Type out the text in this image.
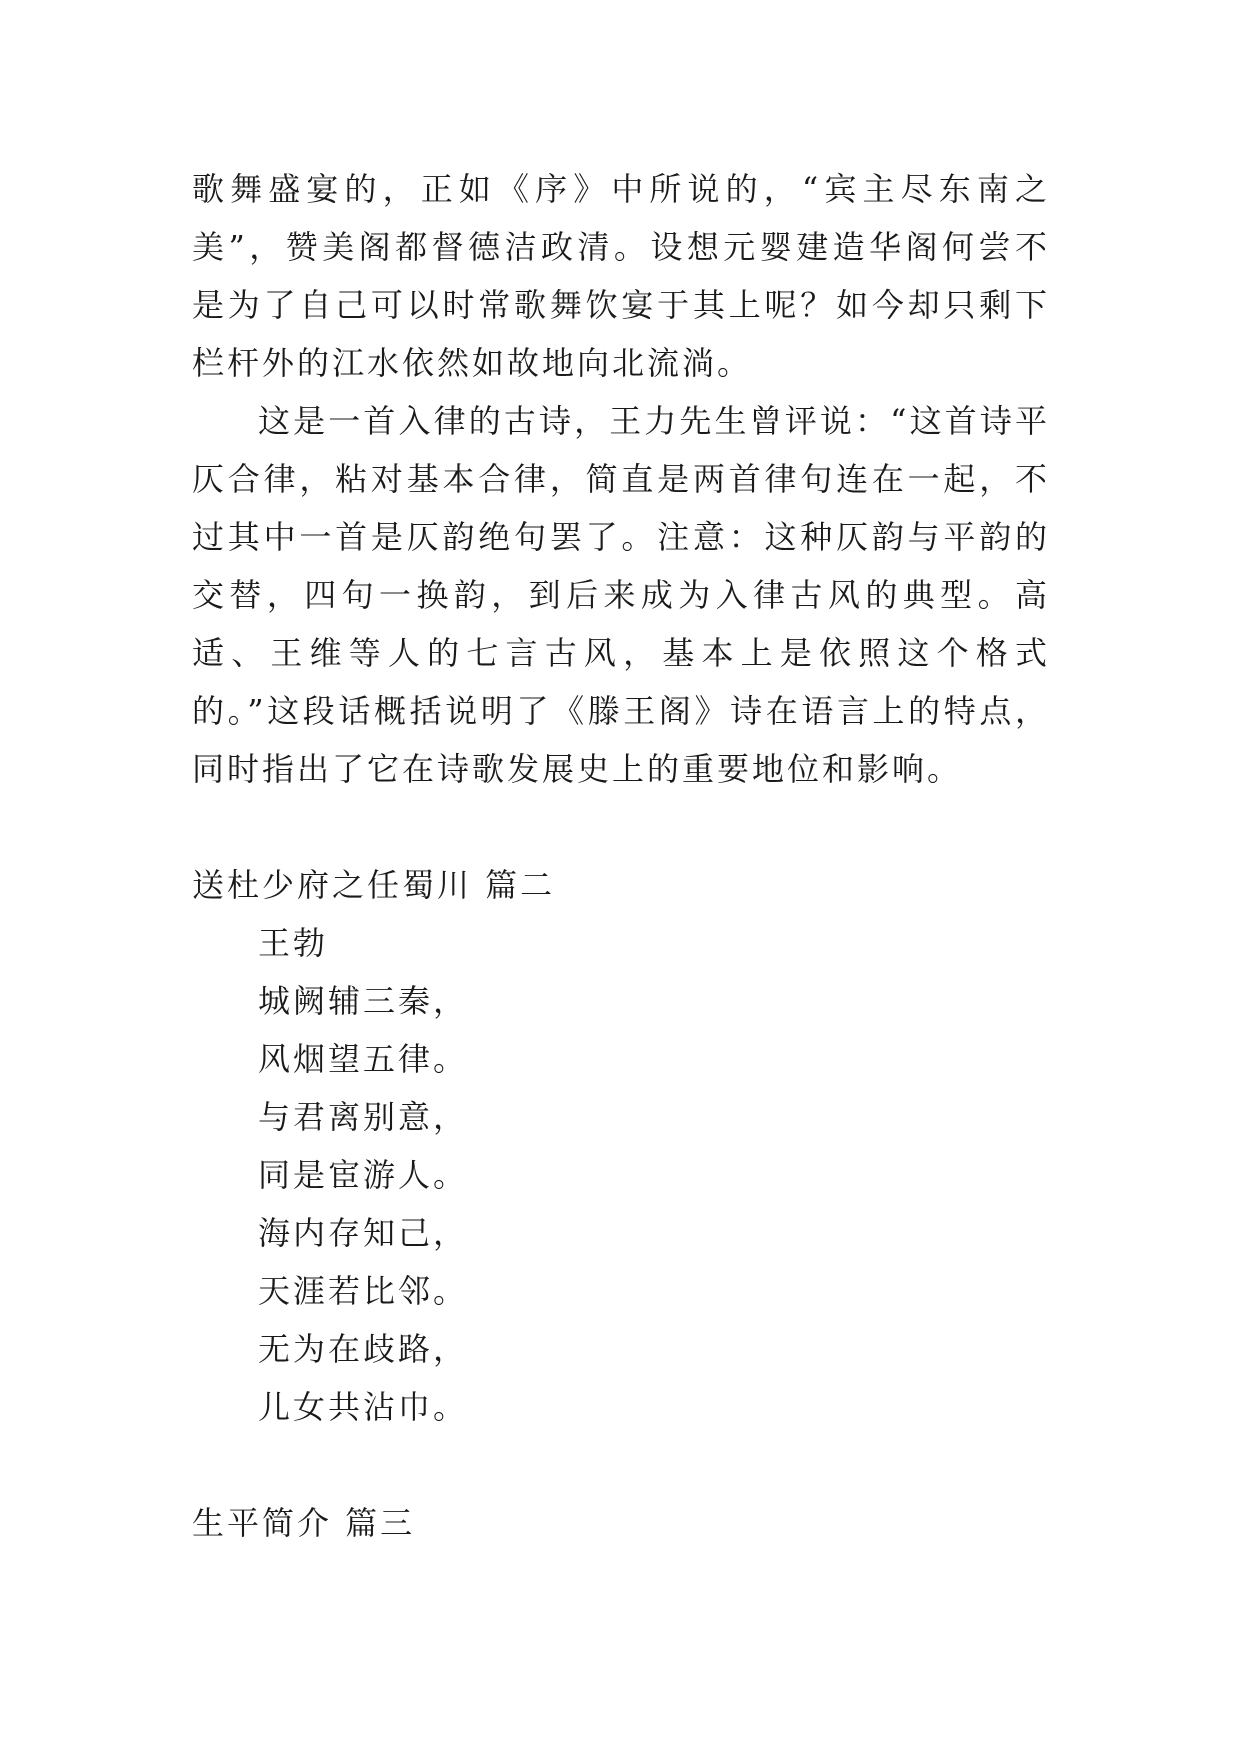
歌舞盛宴的，正如《序》中所说的，“宾主尽东南之美”，赞美阁都督德洁政清。设想元婴建造华阁何尝不是为了自己可以时常歌舞饮宴于其上呢？如今却只剩下栏杆外的江水依然如故地向北流淌。

这是一首入律的古诗，王力先生曾评说：“这首诗平仄合律，粘对基本合律，简直是两首律句连在一起，不过其中一首是仄韵绝句罢了。注意：这种仄韵与平韵的交替，四句一换韵，到后来成为入律古风的典型。高适、王维等人的七言古风，基本上是依照这个格式的。”这段话概括说明了《滕王阁》诗在语言上的特点，同时指出了它在诗歌发展史上的重要地位和影响。

送杜少府之任蜀川 篇二
王勃
城阙辅三秦，
风烟望五律。
与君离别意，
同是宦游人。
海内存知己，
天涯若比邻。
无为在歧路，
儿女共沾巾。
生平简介 篇三
